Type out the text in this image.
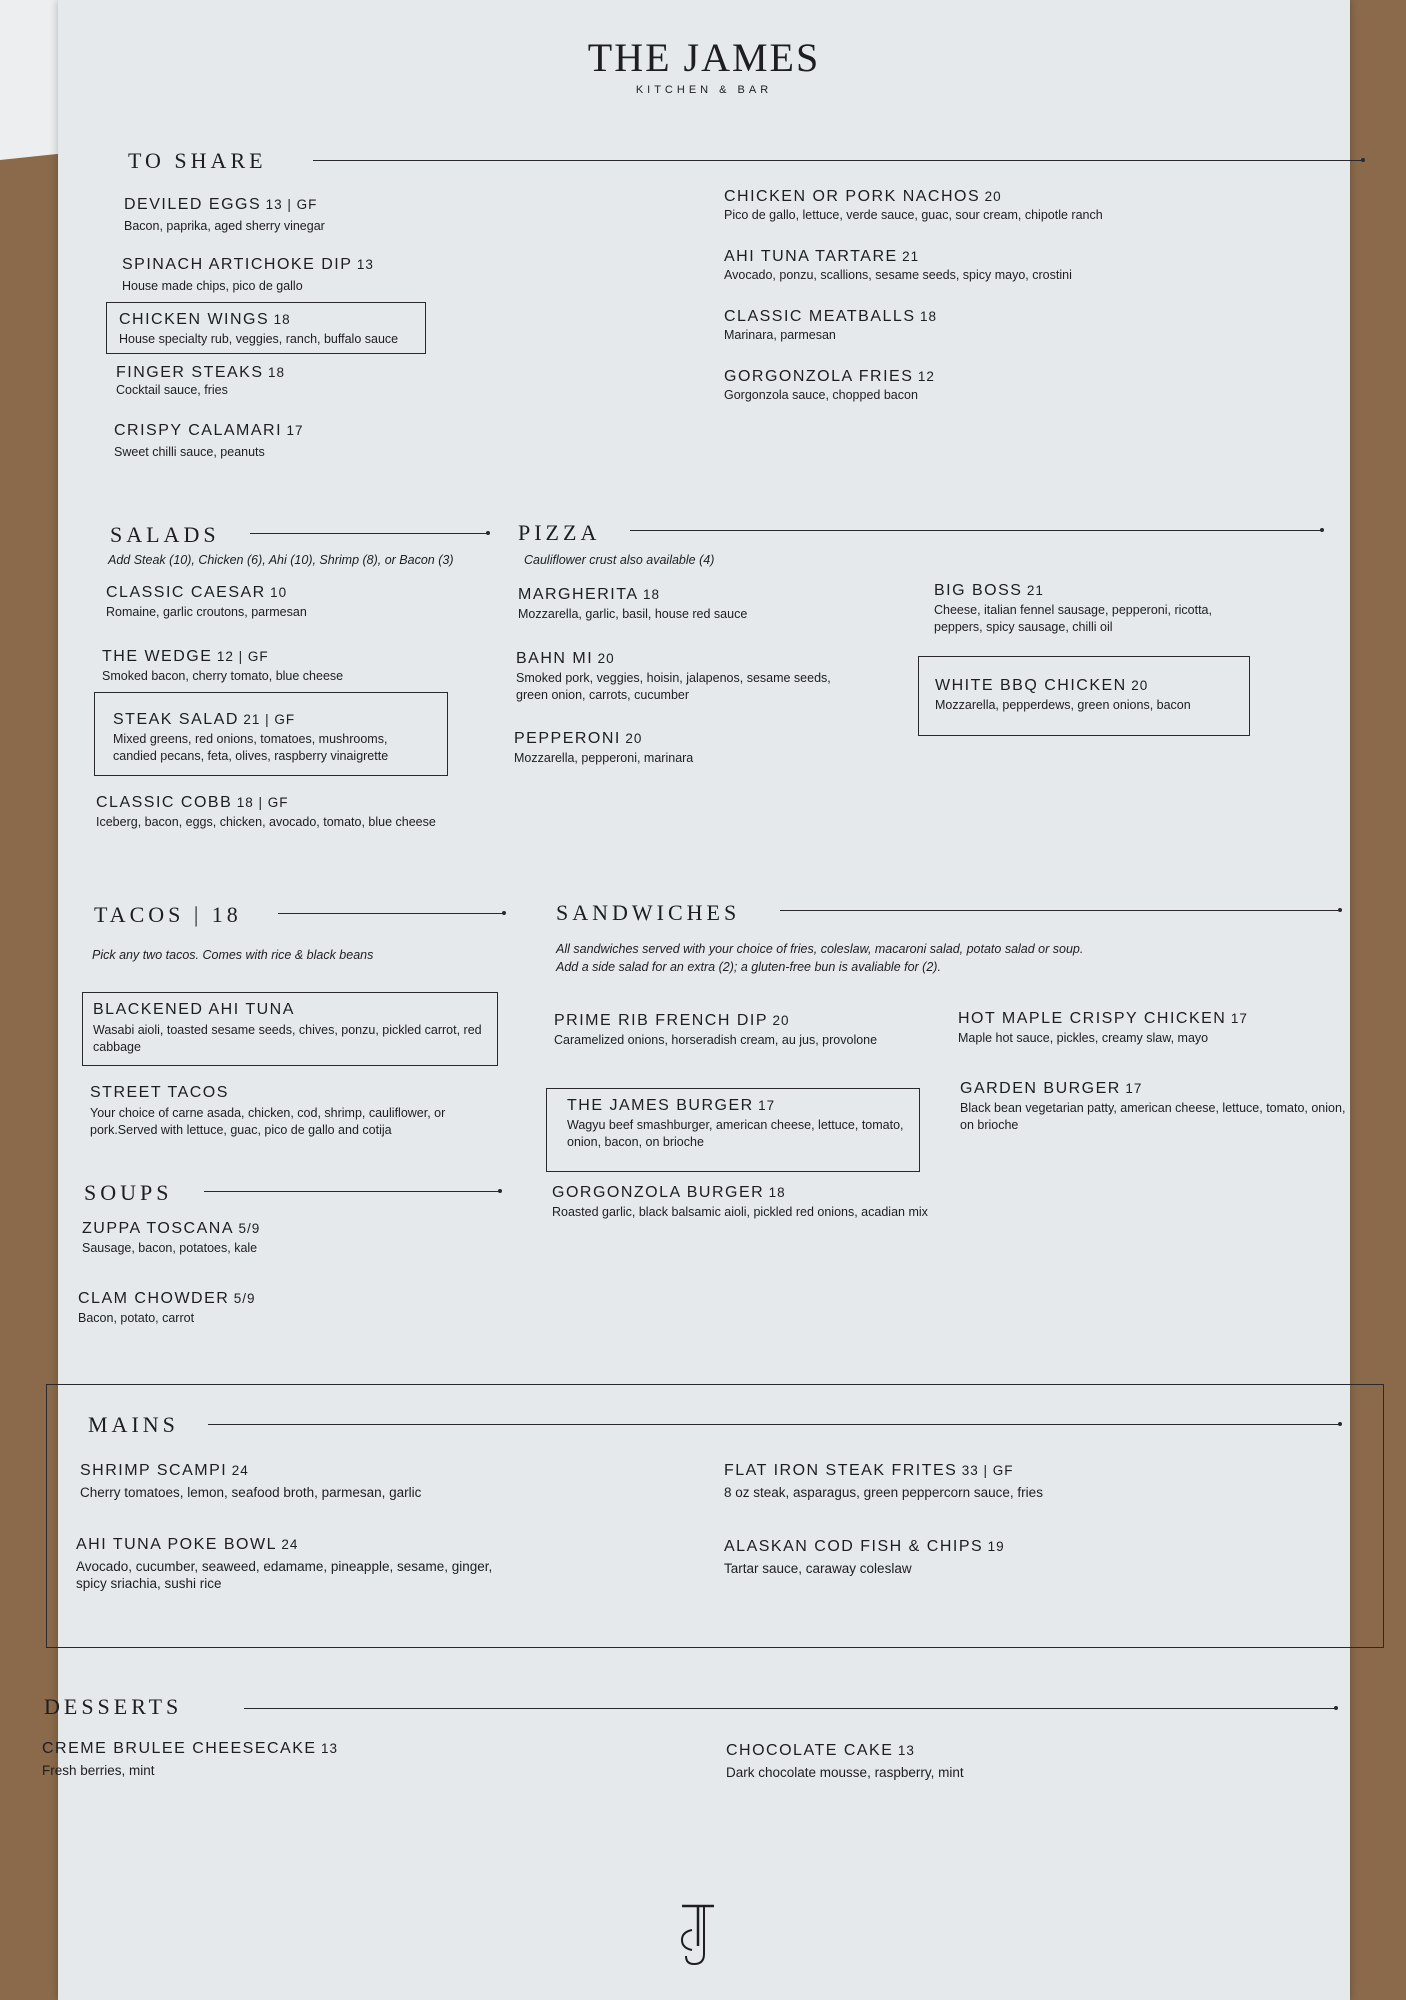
THE JAMES
KITCHEN & BAR
TO SHARE
DEVILED EGGS 13 | GF
Bacon, paprika, aged sherry vinegar
SPINACH ARTICHOKE DIP 13
House made chips, pico de gallo
CHICKEN WINGS 18
House specialty rub, veggies, ranch, buffalo sauce
FINGER STEAKS 18
Cocktail sauce, fries
CRISPY CALAMARI 17
Sweet chilli sauce, peanuts
CHICKEN OR PORK NACHOS 20
Pico de gallo, lettuce, verde sauce, guac, sour cream, chipotle ranch
AHI TUNA TARTARE 21
Avocado, ponzu, scallions, sesame seeds, spicy mayo, crostini
CLASSIC MEATBALLS 18
Marinara, parmesan
GORGONZOLA FRIES 12
Gorgonzola sauce, chopped bacon
SALADS
Add Steak (10), Chicken (6), Ahi (10), Shrimp (8), or Bacon (3)
CLASSIC CAESAR 10
Romaine, garlic croutons, parmesan
THE WEDGE 12 | GF
Smoked bacon, cherry tomato, blue cheese
STEAK SALAD 21 | GF
Mixed greens, red onions, tomatoes, mushrooms, candied pecans, feta, olives, raspberry vinaigrette
CLASSIC COBB 18 | GF
Iceberg, bacon, eggs, chicken, avocado, tomato, blue cheese
PIZZA
Cauliflower crust also available (4)
MARGHERITA 18
Mozzarella, garlic, basil, house red sauce
BAHN MI 20
Smoked pork, veggies, hoisin, jalapenos, sesame seeds, green onion, carrots, cucumber
PEPPERONI 20
Mozzarella, pepperoni, marinara
BIG BOSS 21
Cheese, italian fennel sausage, pepperoni, ricotta, peppers, spicy sausage, chilli oil
WHITE BBQ CHICKEN 20
Mozzarella, pepperdews, green onions, bacon
TACOS | 18
Pick any two tacos. Comes with rice & black beans
BLACKENED AHI TUNA
Wasabi aioli, toasted sesame seeds, chives, ponzu, pickled carrot, red cabbage
STREET TACOS
Your choice of carne asada, chicken, cod, shrimp, cauliflower, or pork.Served with lettuce, guac, pico de gallo and cotija
SOUPS
ZUPPA TOSCANA 5/9
Sausage, bacon, potatoes, kale
CLAM CHOWDER 5/9
Bacon, potato, carrot
SANDWICHES
All sandwiches served with your choice of fries, coleslaw, macaroni salad, potato salad or soup.
Add a side salad for an extra (2); a gluten-free bun is avaliable for (2).
PRIME RIB FRENCH DIP 20
Caramelized onions, horseradish cream, au jus, provolone
THE JAMES BURGER 17
Wagyu beef smashburger, american cheese, lettuce, tomato, onion, bacon, on brioche
GORGONZOLA BURGER 18
Roasted garlic, black balsamic aioli, pickled red onions, acadian mix
HOT MAPLE CRISPY CHICKEN 17
Maple hot sauce, pickles, creamy slaw, mayo
GARDEN BURGER 17
Black bean vegetarian patty, american cheese, lettuce, tomato, onion, on brioche
MAINS
SHRIMP SCAMPI 24
Cherry tomatoes, lemon, seafood broth, parmesan, garlic
AHI TUNA POKE BOWL 24
Avocado, cucumber, seaweed, edamame, pineapple, sesame, ginger, spicy sriachia, sushi rice
FLAT IRON STEAK FRITES 33 | GF
8 oz steak, asparagus, green peppercorn sauce, fries
ALASKAN COD FISH & CHIPS 19
Tartar sauce, caraway coleslaw
DESSERTS
CREME BRULEE CHEESECAKE 13
Fresh berries, mint
CHOCOLATE CAKE 13
Dark chocolate mousse, raspberry, mint
